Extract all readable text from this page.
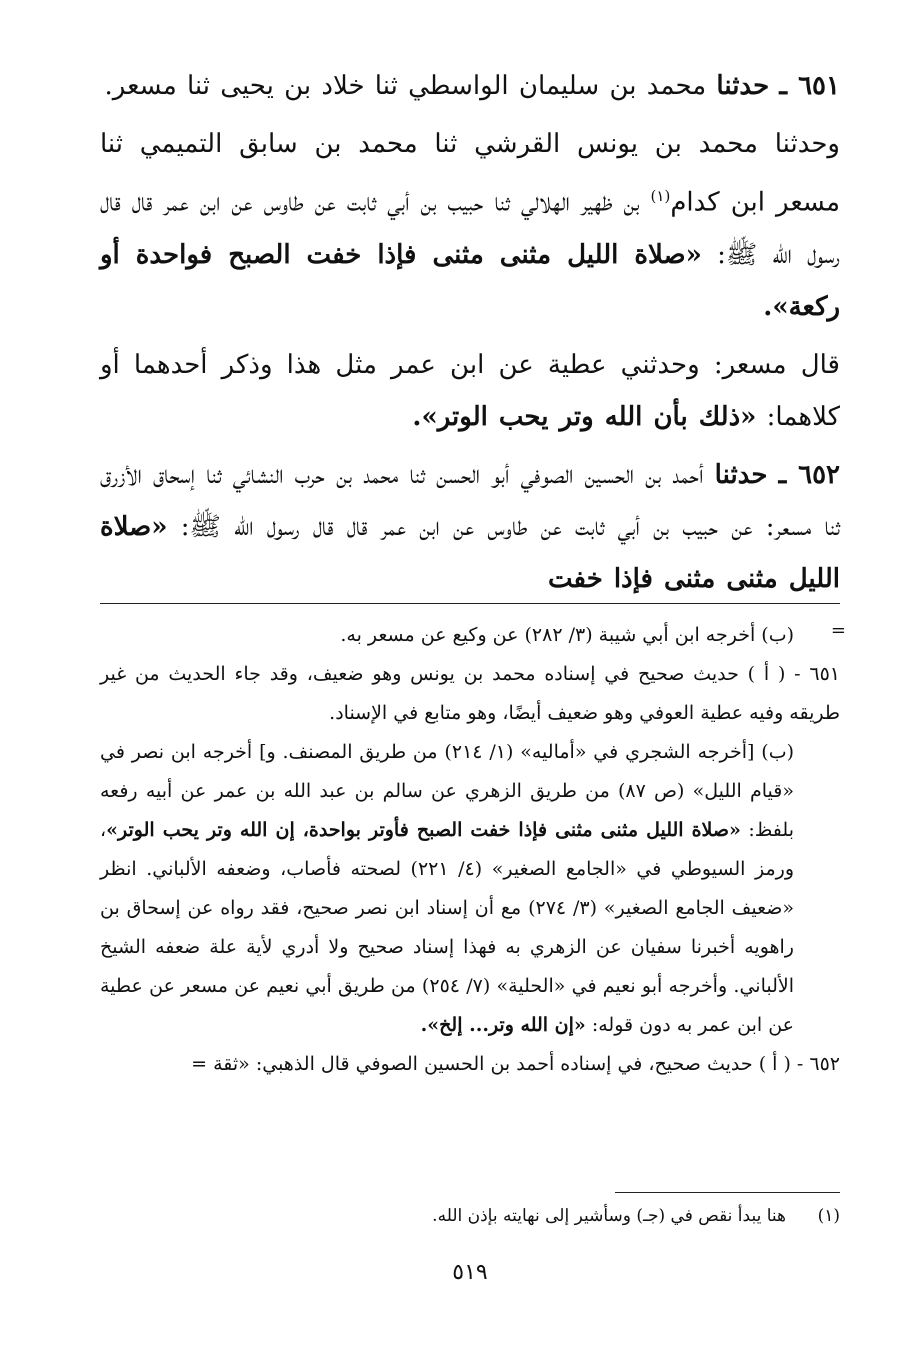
٦٥١ ـ حدثنا محمد بن سليمان الواسطي ثنا خلاد بن يحيى ثنا مسعر.

وحدثنا محمد بن يونس القرشي ثنا محمد بن سابق التميمي ثنا مسعر ابن كدام$^{(١)}$ بن ظهير الهلالي ثنا حبيب بن أبي ثابت عن طاوس عن ابن عمر قال قال رسول الله ﷺ: «صلاة الليل مثنى مثنى فإذا خفت الصبح فواحدة أو ركعة».

قال مسعر: وحدثني عطية عن ابن عمر مثل هذا وذكر أحدهما أو كلاهما: «ذلك بأن الله وتر يحب الوتر».

٦٥٢ ـ حدثنا أحمد بن الحسين الصوفي أبو الحسن ثنا محمد بن حرب النشائي ثنا إسحاق الأزرق ثنا مسعر: عن حبيب بن أبي ثابت عن طاوس عن ابن عمر قال قال رسول الله ﷺ: «صلاة الليل مثنى مثنى فإذا خفت

=

(ب) أخرجه ابن أبي شيبة (٣/ ٢٨٢) عن وكيع عن مسعر به.

٦٥١ - ( أ ) حديث صحيح في إسناده محمد بن يونس وهو ضعيف، وقد جاء الحديث من غير طريقه وفيه عطية العوفي وهو ضعيف أيضًا، وهو متابع في الإسناد.

(ب) [أخرجه الشجري في «أماليه» (١/ ٢١٤) من طريق المصنف. و] أخرجه ابن نصر في «قيام الليل» (ص ٨٧) من طريق الزهري عن سالم بن عبد الله بن عمر عن أبيه رفعه بلفظ: «صلاة الليل مثنى مثنى فإذا خفت الصبح فأوتر بواحدة، إن الله وتر يحب الوتر»، ورمز السيوطي في «الجامع الصغير» (٤/ ٢٢١) لصحته فأصاب، وضعفه الألباني. انظر «ضعيف الجامع الصغير» (٣/ ٢٧٤) مع أن إسناد ابن نصر صحيح، فقد رواه عن إسحاق بن راهويه أخبرنا سفيان عن الزهري به فهذا إسناد صحيح ولا أدري لأية علة ضعفه الشيخ الألباني. وأخرجه أبو نعيم في «الحلية» (٧/ ٢٥٤) من طريق أبي نعيم عن مسعر عن عطية عن ابن عمر به دون قوله: «إن الله وتر... إلخ».

٦٥٢ - ( أ ) حديث صحيح، في إسناده أحمد بن الحسين الصوفي قال الذهبي: «ثقة =

(١)هنا يبدأ نقص في (جـ) وسأشير إلى نهايته بإذن الله.
٥١٩
